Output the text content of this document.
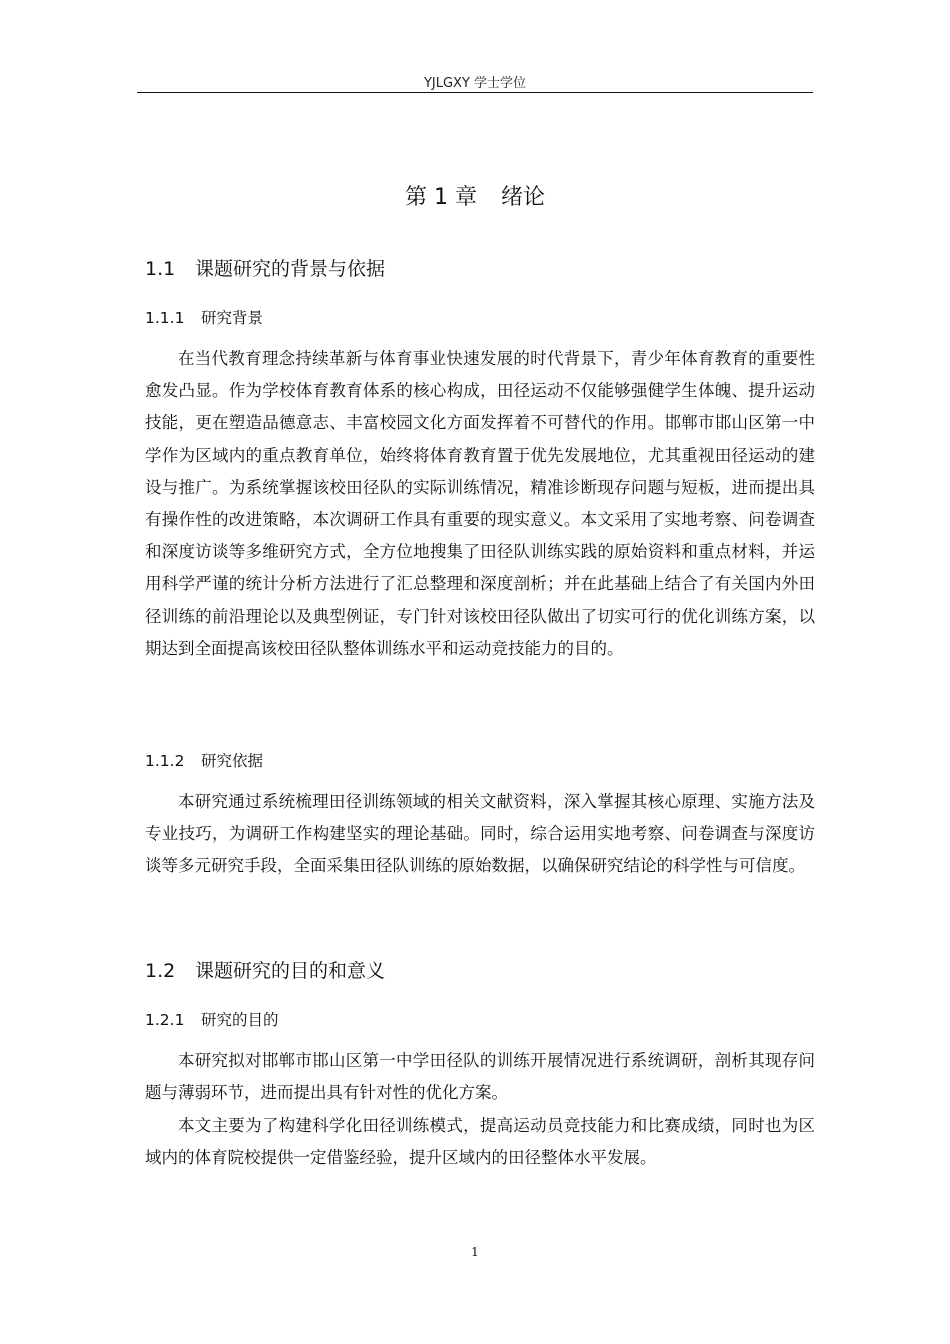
YJLGXY 学士学位
第 1 章 绪论
1.1 课题研究的背景与依据
1.1.1 研究背景

在当代教育理念持续革新与体育事业快速发展的时代背景下，青少年体育教育的重要性愈发凸显。作为学校体育教育体系的核心构成，田径运动不仅能够强健学生体魄、提升运动技能，更在塑造品德意志、丰富校园文化方面发挥着不可替代的作用。邯郸市邯山区第一中学作为区域内的重点教育单位，始终将体育教育置于优先发展地位，尤其重视田径运动的建设与推广。为系统掌握该校田径队的实际训练情况，精准诊断现存问题与短板，进而提出具有操作性的改进策略，本次调研工作具有重要的现实意义。本文采用了实地考察、问卷调查和深度访谈等多维研究方式，全方位地搜集了田径队训练实践的原始资料和重点材料，并运用科学严谨的统计分析方法进行了汇总整理和深度剖析；并在此基础上结合了有关国内外田径训练的前沿理论以及典型例证，专门针对该校田径队做出了切实可行的优化训练方案，以期达到全面提高该校田径队整体训练水平和运动竞技能力的目的。

1.1.2 研究依据

本研究通过系统梳理田径训练领域的相关文献资料，深入掌握其核心原理、实施方法及专业技巧，为调研工作构建坚实的理论基础。同时，综合运用实地考察、问卷调查与深度访谈等多元研究手段，全面采集田径队训练的原始数据，以确保研究结论的科学性与可信度。

1.2 课题研究的目的和意义
1.2.1 研究的目的

本研究拟对邯郸市邯山区第一中学田径队的训练开展情况进行系统调研，剖析其现存问题与薄弱环节，进而提出具有针对性的优化方案。

本文主要为了构建科学化田径训练模式，提高运动员竞技能力和比赛成绩，同时也为区域内的体育院校提供一定借鉴经验，提升区域内的田径整体水平发展。

1
